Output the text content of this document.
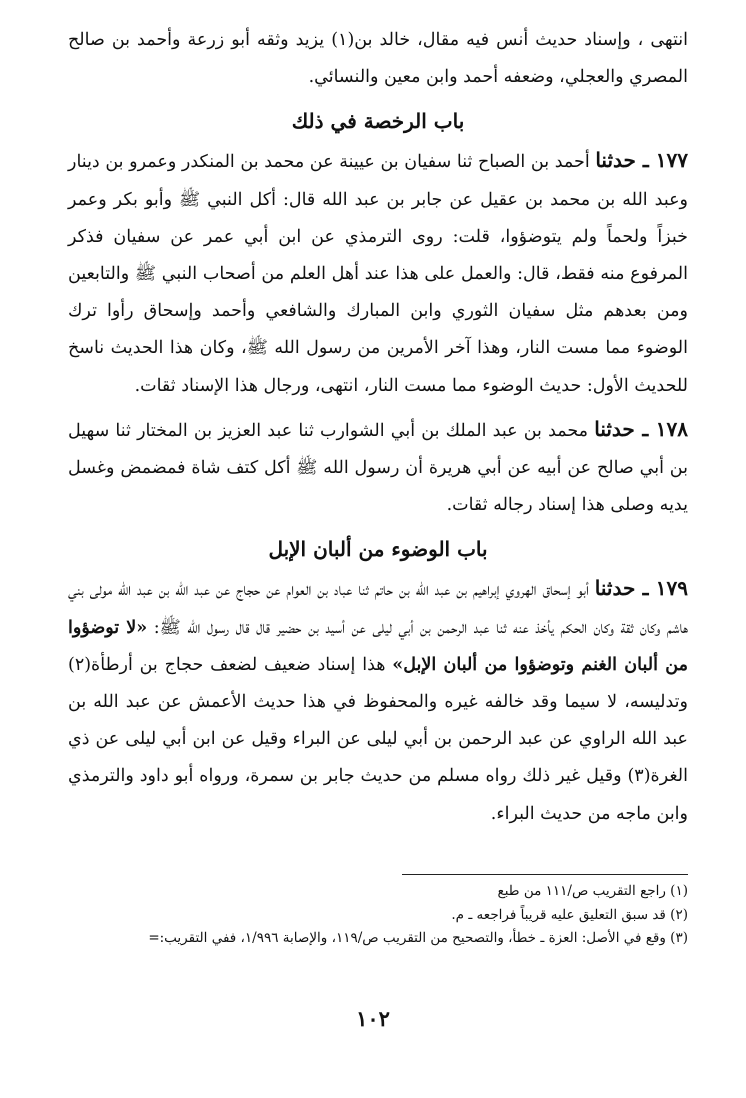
انتهى ، وإسناد حديث أنس فيه مقال، خالد بن(١) يزيد وثقه أبو زرعة وأحمد بن صالح المصري والعجلي، وضعفه أحمد وابن معين والنسائي.

باب الرخصة في ذلك

١٧٧ ـ حدثنا أحمد بن الصباح ثنا سفيان بن عيينة عن محمد بن المنكدر وعمرو بن دينار وعبد الله بن محمد بن عقيل عن جابر بن عبد الله قال: أكل النبي ﷺ وأبو بكر وعمر خبزاً ولحماً ولم يتوضؤوا، قلت: روى الترمذي عن ابن أبي عمر عن سفيان فذكر المرفوع منه فقط، قال: والعمل على هذا عند أهل العلم من أصحاب النبي ﷺ والتابعين ومن بعدهم مثل سفيان الثوري وابن المبارك والشافعي وأحمد وإسحاق رأوا ترك الوضوء مما مست النار، وهذا آخر الأمرين من رسول الله ﷺ، وكان هذا الحديث ناسخ للحديث الأول: حديث الوضوء مما مست النار، انتهى، ورجال هذا الإسناد ثقات.

١٧٨ ـ حدثنا محمد بن عبد الملك بن أبي الشوارب ثنا عبد العزيز بن المختار ثنا سهيل بن أبي صالح عن أبيه عن أبي هريرة أن رسول الله ﷺ أكل كتف شاة فمضمض وغسل يديه وصلى هذا إسناد رجاله ثقات.

باب الوضوء من ألبان الإبل

١٧٩ ـ حدثنا أبو إسحاق الهروي إبراهيم بن عبد الله بن حاتم ثنا عباد بن العوام عن حجاج عن عبد الله بن عبد الله مولى بني هاشم وكان ثقة وكان الحكم يأخذ عنه ثنا عبد الرحمن بن أبي ليلى عن أسيد بن حضير قال قال رسول الله ﷺ: «لا توضؤوا من ألبان الغنم وتوضؤوا من ألبان الإبل» هذا إسناد ضعيف لضعف حجاج بن أرطأة(٢) وتدليسه، لا سيما وقد خالفه غيره والمحفوظ في هذا حديث الأعمش عن عبد الله بن عبد الله الراوي عن عبد الرحمن بن أبي ليلى عن البراء وقيل عن ابن أبي ليلى عن ذي الغرة(٣) وقيل غير ذلك رواه مسلم من حديث جابر بن سمرة، ورواه أبو داود والترمذي وابن ماجه من حديث البراء.

(١) راجع التقريب ص/١١١ من طبع

(٢) قد سبق التعليق عليه قريباً فراجعه ـ م.

(٣) وقع في الأصل: العزة ـ خطأ، والتصحيح من التقريب ص/١١٩، والإصابة ١/٩٩٦، ففي التقريب:=

١٠٢
